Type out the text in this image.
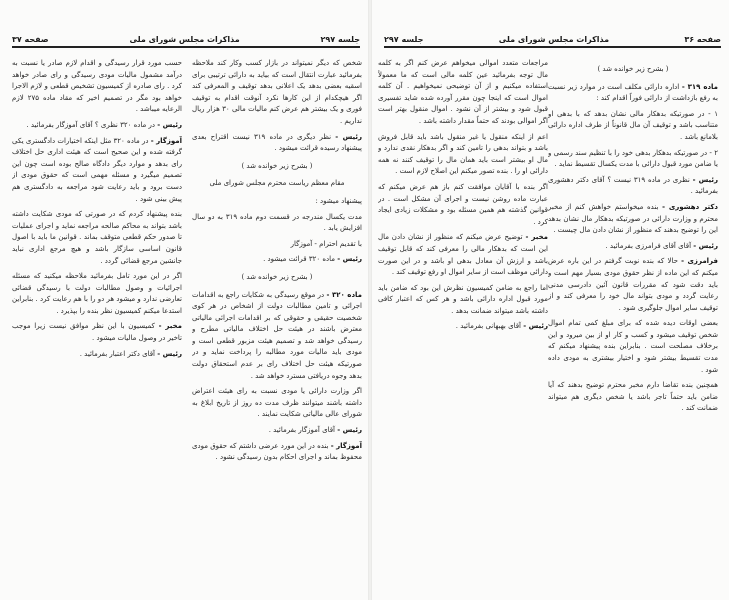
جلسه ۲۹۷
مذاکرات مجلس شورای ملی
صفحه ۳۷

شخص که دیگر نمیتواند در بازار کسب وکار کند ملاحظه بفرمائید عبارت انتقال است که بیاید به دارائی ترتیبی برای اسقیه بعضی بدهد یک اعلانی بدهد توقیف و المعرفی کند اگر هیچکدام از این کارها نکرد آنوقت اقدام به توقیف فوری و یک بیشتر هم عرض کنم مالیات مالی ۳۰ هزار ریال نداریم .

رئیس - نظر دیگری در ماده ۳۱۹ نیست اقتراح بعدی پیشنهاد رسیده قرائت میشود .

( بشرح زیر خوانده شد )

مقام معظم ریاست محترم مجلس شورای ملی

پیشنهاد میشود :

مدت یکسال مندرجه در قسمت دوم ماده ۳۱۹ به دو سال افزایش یابد .

با تقدیم احترام - آموزگار

رئیس - ماده ۳۲۰ قرائت میشود .

( بشرح زیر خوانده شد )

ماده ۳۲۰ - در موقع رسیدگی به شکایات راجع به اقدامات اجرائی و تامین مطالبات دولت از اشخاص در هر کوی شخصیت حقیقی و حقوقی که بر اقدامات اجرائی مالیاتی معترض باشند در هیئت حل اختلاف مالیاتی مطرح و رسیدگی خواهد شد و تصمیم هیئت مزبور قطعی است و مودی باید مالیات مورد مطالبه را پرداخت نماید و در صورتیکه هیئت حل اختلاف رای بر عدم استحقاق دولت بدهد وجوه دریافتی مسترد خواهد شد .

اگر وزارت دارائی یا مودی نسبت به رای هیئت اعتراض داشته باشند میتوانند ظرف مدت ده روز از تاریخ ابلاغ به شورای عالی مالیاتی شکایت نمایند .

رئیس - آقای آموزگار بفرمائید .

آموزگار - بنده در این مورد عرضی داشتم که حقوق مودی محفوظ بماند و اجرای احکام بدون رسیدگی نشود .

حسب مورد قرار رسیدگی و اقدام لازم صادر یا نسبت به درآمد مشمول مالیات مودی رسیدگی و رای صادر خواهد کرد . رای صادره از کمیسیون تشخیص قطعی و لازم الاجرا خواهد بود مگر در تصمیم اخیر که مقاد ماده ۲۷۵ لازم الرعایه میباشد .

رئیس - در ماده ۳۲۰ نظری ؟ آقای آموزگار بفرمائید .

آموزگار - در ماده ۳۲۰ مثل اینکه اختیارات دادگستری یکی گرفته شده و این صحیح است که هیئت اداری حل اختلاف رای بدهد و موارد دیگر دادگاه صالح بوده است چون این تصمیم میگیرد و مسئله مهمی است که حقوق مودی از دست برود و باید رعایت شود مراجعه به دادگستری هم پیش بینی شود .

بنده پیشنهاد کردم که در صورتی که مودی شکایت داشته باشد بتواند به محاکم صالحه مراجعه نماید و اجرای عملیات تا صدور حکم قطعی متوقف بماند . قوانین ما باید با اصول قانون اساسی سازگار باشد و هیچ مرجع اداری نباید جانشین مرجع قضائی گردد .

اگر در این مورد تامل بفرمائید ملاحظه میکنید که مسئله اجرائیات و وصول مطالبات دولت با رسیدگی قضائی تعارضی ندارد و میشود هر دو را با هم رعایت کرد . بنابراین استدعا میکنم کمیسیون نظر بنده را بپذیرد .

مخبر - کمیسیون با این نظر موافق نیست زیرا موجب تاخیر در وصول مالیات میشود .

رئیس - آقای دکتر اعتبار بفرمائید .

صفحه ۳۶
مذاکرات مجلس شورای ملی
جلسه ۲۹۷

( بشرح زیر خوانده شد )

ماده ۳۱۹ - اداره دارائی مکلف است در موارد زیر نسبت به رفع بازداشت از دارائی فوراً اقدام کند :

۱ - در صورتیکه بدهکار مالی نشان بدهد که با بدهی او متناسب باشد و توقیف آن مال قانوناً از طرف اداره دارائی بلامانع باشد .

۲ - در صورتیکه بدهکار بدهی خود را با تنظیم سند رسمی و یا ضامن مورد قبول دارائی با مدت یکسال تقسیط نماید .

رئیس - نظری در ماده ۳۱۹ نیست ؟ آقای دکتر دهشوری بفرمائید .

دکتر دهشوری - بنده میخواستم خواهش کنم از مخبر محترم و وزارت دارائی در صورتیکه بدهکار مال نشان بدهد این را توضیح بدهند که منظور از نشان دادن مال چیست .

رئیس - آقای آقای فرامرزی بفرمائید .

فرامرزی - حالا که بنده نوبت گرفتم در این باره عرض میکنم که این ماده از نظر حقوق مودی بسیار مهم است و باید دقت شود که مقررات قانون آئین دادرسی مدنی رعایت گردد و مودی بتواند مال خود را معرفی کند و از توقیف سایر اموال جلوگیری شود .

بعضی اوقات دیده شده که برای مبلغ کمی تمام اموال شخص توقیف میشود و کسب و کار او از بین میرود و این برخلاف مصلحت است . بنابراین بنده پیشنهاد میکنم که مدت تقسیط بیشتر شود و اختیار بیشتری به مودی داده شود .

همچنین بنده تقاضا دارم مخبر محترم توضیح بدهند که آیا ضامن باید حتماً تاجر باشد یا شخص دیگری هم میتواند ضمانت کند .

مراجعات متعدد اموالی میخواهم عرض کنم اگر به کلمه مال توجه بفرمائید عین کلمه مالی است که ما معمولاً استفاده میکنیم و از آن توضیحی نمیخواهیم . آن کلمه اموال است که اینجا چون مقرر آورده شده شاید تفسیری قبول شود و بیشتر از آن نشود . اموال منقول بهتر است اگر اموالی بودند که حتماً مقدار داشته باشد .

اعم از اینکه منقول یا غیر منقول باشد باید قابل فروش باشد و بتواند بدهی را تامین کند و اگر بدهکار نقدی ندارد و مال او بیشتر است باید همان مال را توقیف کنند نه همه دارائی او را . بنده تصور میکنم این اصلاح لازم است .

اگر بنده با آقایان موافقت کنم باز هم عرض میکنم که عبارت ماده روشن نیست و اجرای آن مشکل است . در قوانین گذشته هم همین مسئله بود و مشکلات زیادی ایجاد کرد .

مخبر - توضیح عرض میکنم که منظور از نشان دادن مال این است که بدهکار مالی را معرفی کند که قابل توقیف باشد و ارزش آن معادل بدهی او باشد و در این صورت دارائی موظف است از سایر اموال او رفع توقیف کند .

اما راجع به ضامن کمیسیون نظرش این بود که ضامن باید مورد قبول اداره دارائی باشد و هر کس که اعتبار کافی داشته باشد میتواند ضمانت بدهد .

رئیس - آقای بهبهانی بفرمائید .
